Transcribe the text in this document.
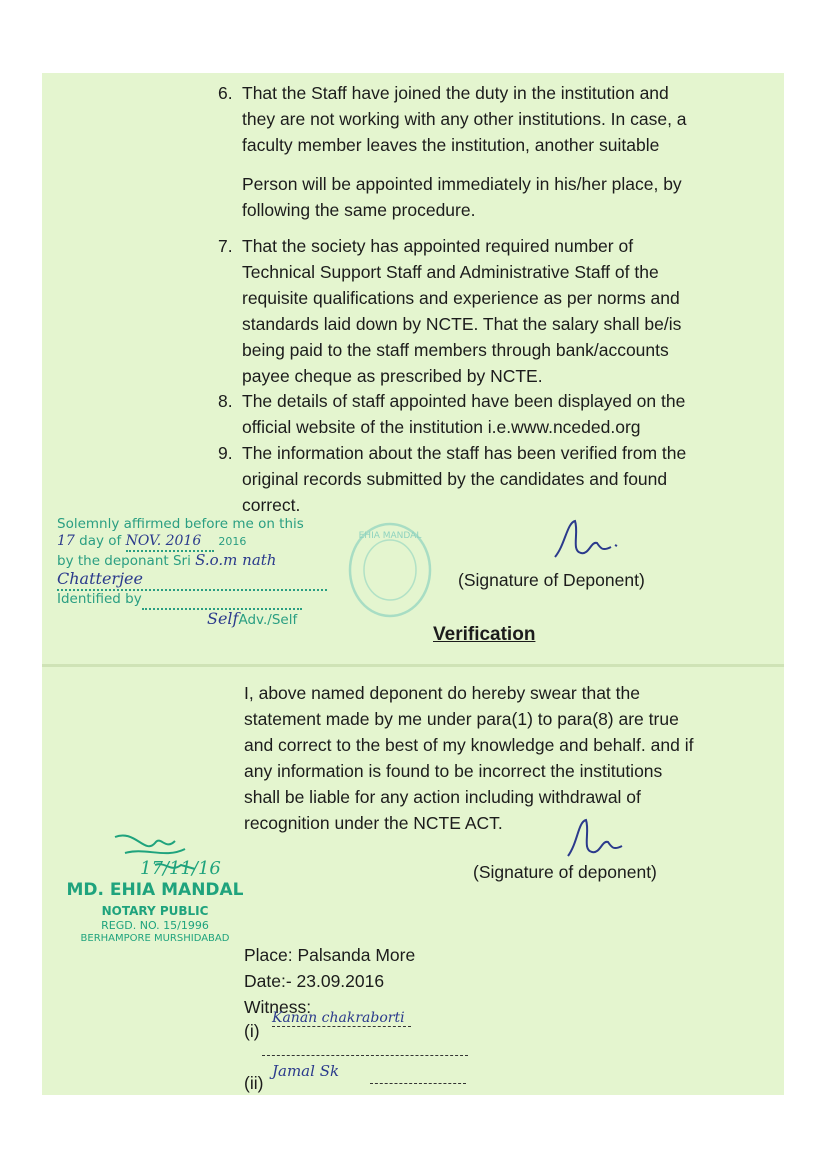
6. That the Staff have joined the duty in the institution and
they are not working with any other institutions. In case, a
faculty member leaves the institution, another suitable
Person will be appointed immediately in his/her place, by
following the same procedure.
7. That the society has appointed required number of
Technical Support Staff and Administrative Staff of the
requisite qualifications and experience as per norms and
standards laid down by NCTE. That the salary shall be/is
being paid to the staff members through bank/accounts
payee cheque as prescribed by NCTE.
8. The details of staff appointed have been displayed on the
official website of the institution i.e.www.nceded.org
9. The information about the staff has been verified from the
original records submitted by the candidates and found
correct.
Solemnly affirmed before me on this
17 day of NOV. 2016 2016
by the deponant Sri S.o.m nath
Chatterjee
Identified by
SelfAdv./Self
EHIA MANDAL
(Signature of Deponent)
Verification
I, above named deponent do hereby swear that the
statement made by me under para(1) to para(8) are true
and correct to the best of my knowledge and behalf. and if
any information is found to be incorrect the institutions
shall be liable for any action including withdrawal of
recognition under the NCTE ACT.
(Signature of deponent)
17/11/16
MD. EHIA MANDAL
NOTARY PUBLIC
REGD. NO. 15/1996
BERHAMPORE MURSHIDABAD
Place: Palsanda More
Date:- 23.09.2016
Witness:
(i)
Kanan chakraborti
(ii)
Jamal Sk
